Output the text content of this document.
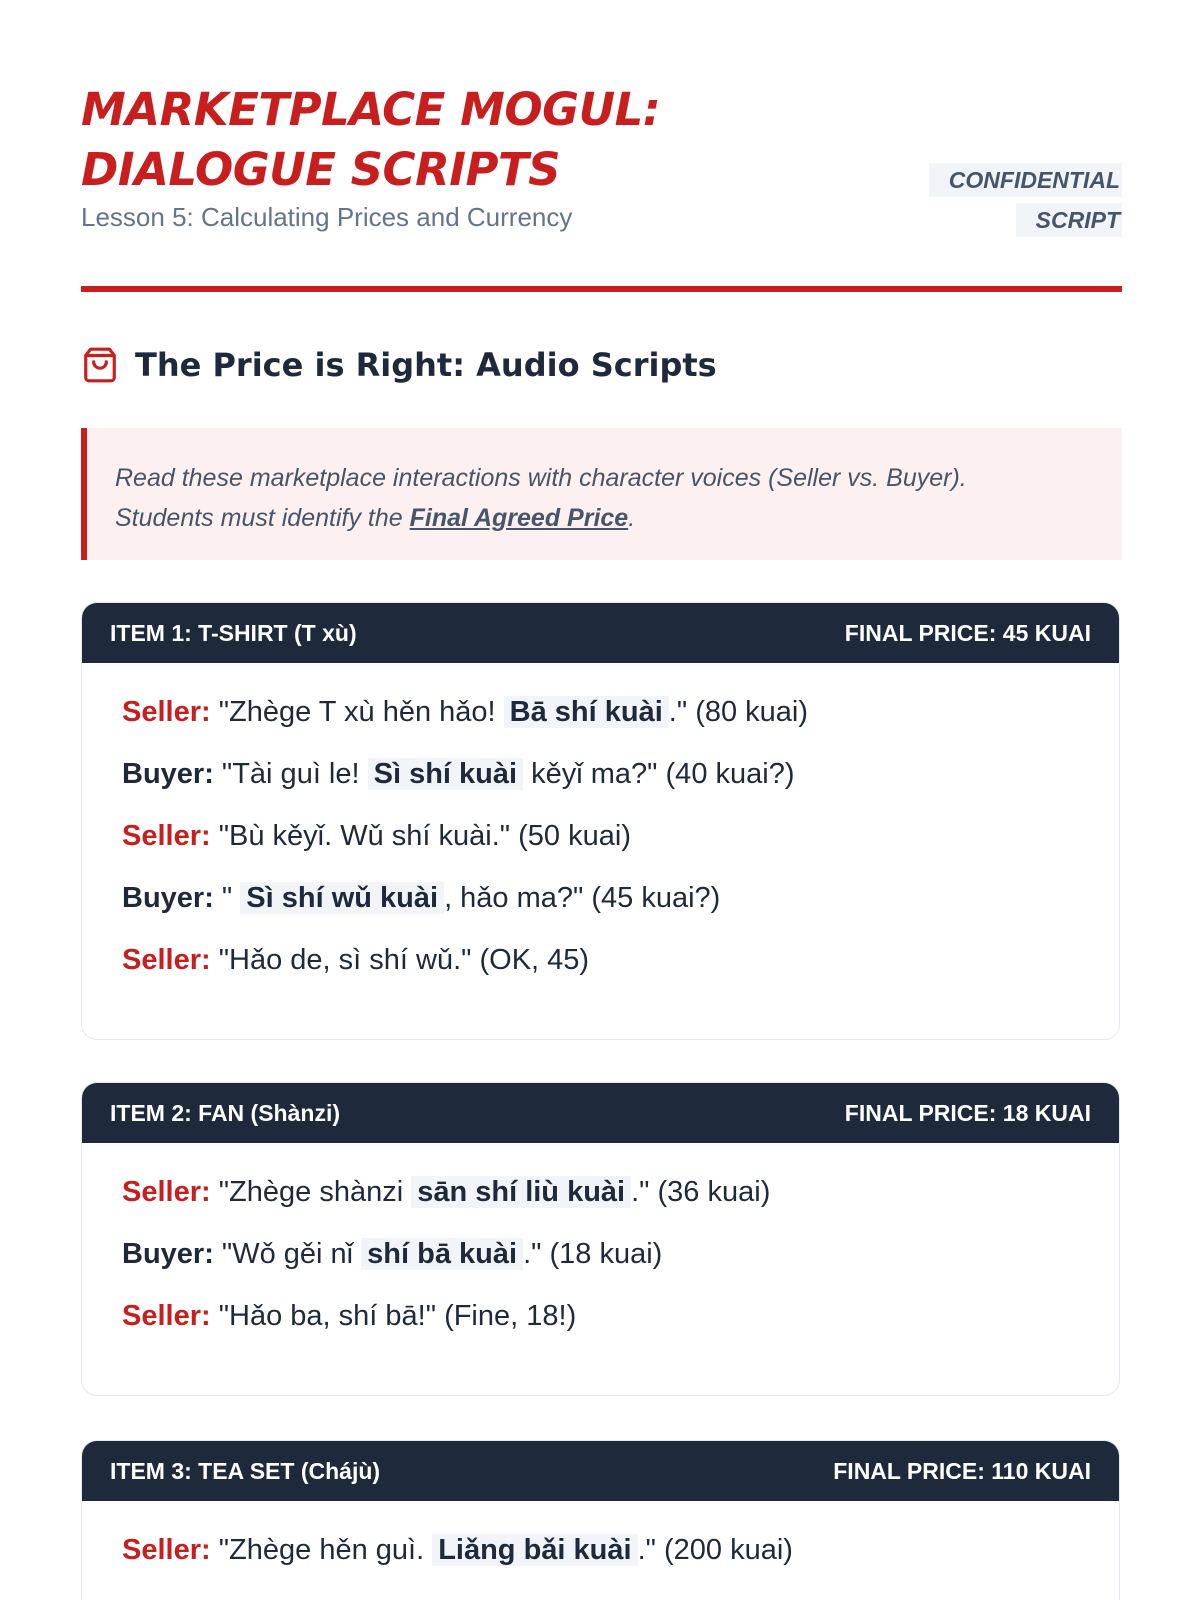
MARKETPLACE MOGUL:
DIALOGUE SCRIPTS
Lesson 5: Calculating Prices and Currency
CONFIDENTIAL
SCRIPT
The Price is Right: Audio Scripts
Read these marketplace interactions with character voices (Seller vs. Buyer).
Students must identify the Final Agreed Price.
ITEM 1: T-SHIRT (T xù)	FINAL PRICE: 45 KUAI
Seller: "Zhège T xù hěn hǎo! Bā shí kuài ." (80 kuai)
Buyer: "Tài guì le! Sì shí kuài kěyǐ ma?" (40 kuai?)
Seller: "Bù kěyǐ. Wǔ shí kuài." (50 kuai)
Buyer: " Sì shí wǔ kuài , hǎo ma?" (45 kuai?)
Seller: "Hǎo de, sì shí wǔ." (OK, 45)
ITEM 2: FAN (Shànzi)	FINAL PRICE: 18 KUAI
Seller: "Zhège shànzi sān shí liù kuài ." (36 kuai)
Buyer: "Wǒ gěi nǐ shí bā kuài ." (18 kuai)
Seller: "Hǎo ba, shí bā!" (Fine, 18!)
ITEM 3: TEA SET (Chájù)	FINAL PRICE: 110 KUAI
Seller: "Zhège hěn guì. Liǎng bǎi kuài ." (200 kuai)
